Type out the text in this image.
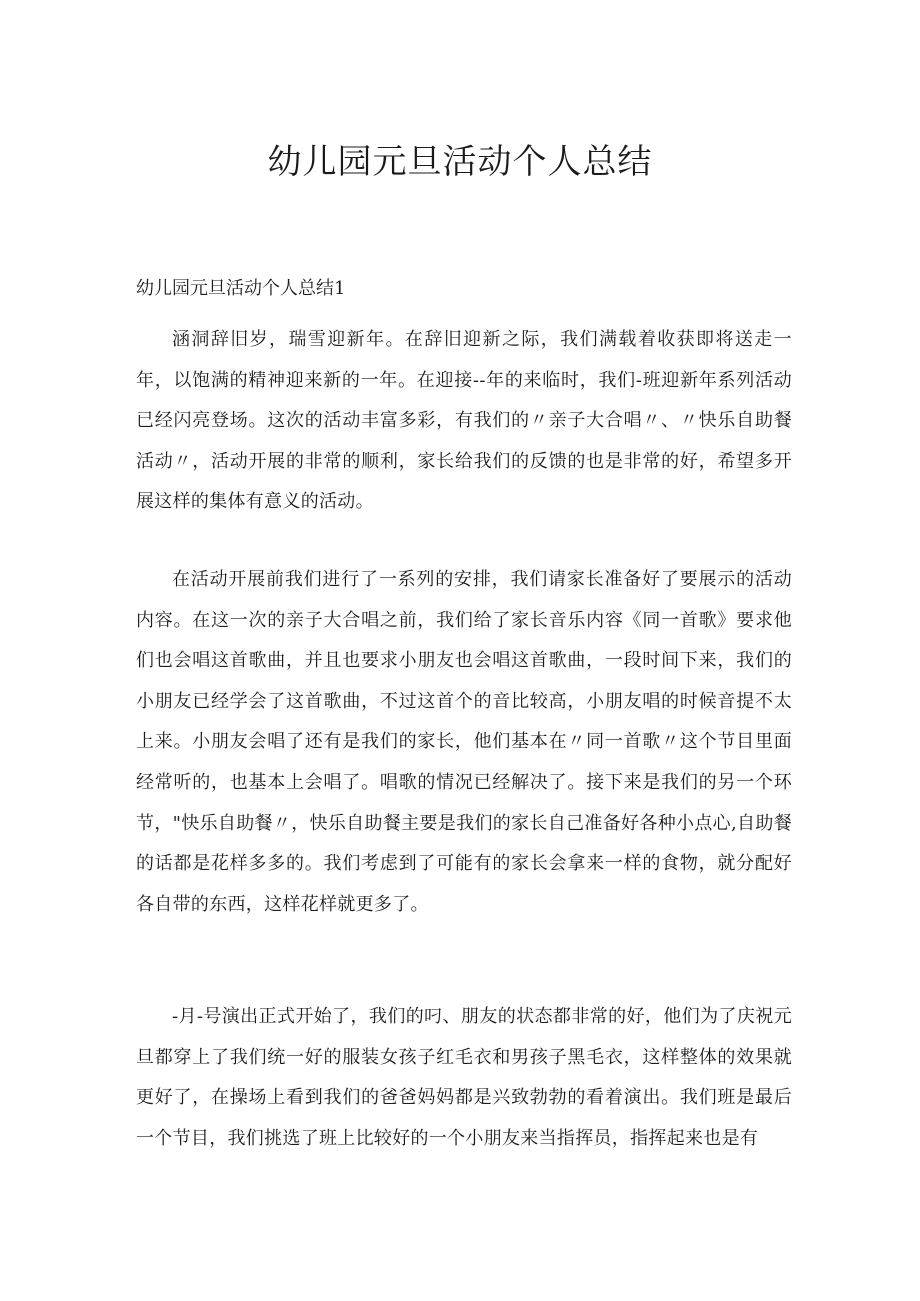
幼儿园元旦活动个人总结
幼儿园元旦活动个人总结1

涵洞辞旧岁，瑞雪迎新年。在辞旧迎新之际，我们满载着收获即将送走一年，以饱满的精神迎来新的一年。在迎接--年的来临时，我们-班迎新年系列活动已经闪亮登场。这次的活动丰富多彩，有我们的〃亲子大合唱〃、〃快乐自助餐活动〃，活动开展的非常的顺利，家长给我们的反馈的也是非常的好，希望多开展这样的集体有意义的活动。

在活动开展前我们进行了一系列的安排，我们请家长准备好了要展示的活动内容。在这一次的亲子大合唱之前，我们给了家长音乐内容《同一首歌》要求他们也会唱这首歌曲，并且也要求小朋友也会唱这首歌曲，一段时间下来，我们的小朋友已经学会了这首歌曲，不过这首个的音比较高，小朋友唱的时候音提不太上来。小朋友会唱了还有是我们的家长，他们基本在〃同一首歌〃这个节目里面经常听的，也基本上会唱了。唱歌的情况已经解决了。接下来是我们的另一个环节，"快乐自助餐〃，快乐自助餐主要是我们的家长自己准备好各种小点心,自助餐的话都是花样多多的。我们考虑到了可能有的家长会拿来一样的食物，就分配好各自带的东西，这样花样就更多了。

-月-号演出正式开始了，我们的叼、朋友的状态都非常的好，他们为了庆祝元旦都穿上了我们统一好的服装女孩子红毛衣和男孩子黑毛衣，这样整体的效果就更好了，在操场上看到我们的爸爸妈妈都是兴致勃勃的看着演出。我们班是最后一个节目，我们挑选了班上比较好的一个小朋友来当指挥员，指挥起来也是有
